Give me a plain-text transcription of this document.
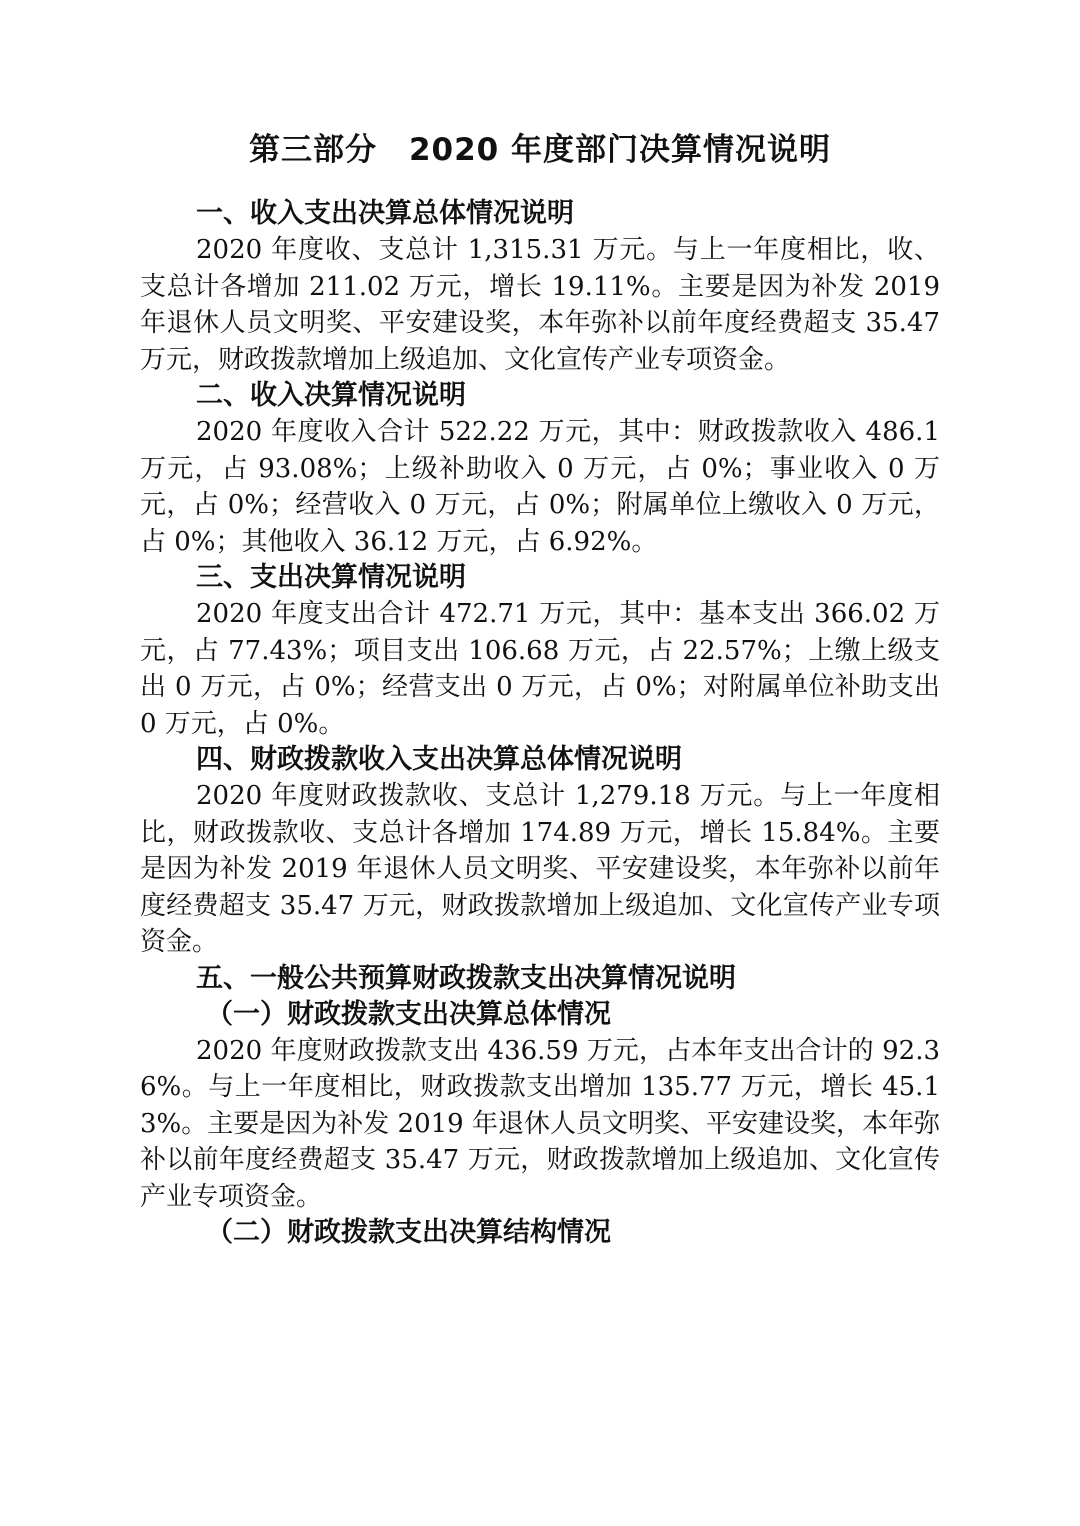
第三部分　2020 年度部门决算情况说明
一、收入支出决算总体情况说明

2020 年度收、支总计 1,315.31 万元。与上一年度相比，收、支总计各增加 211.02 万元，增长 19.11%。主要是因为补发 2019 年退休人员文明奖、平安建设奖，本年弥补以前年度经费超支 35.47 万元，财政拨款增加上级追加、文化宣传产业专项资金。

二、收入决算情况说明

2020 年度收入合计 522.22 万元，其中：财政拨款收入 486.1 万元，占 93.08%；上级补助收入 0 万元，占 0%；事业收入 0 万元，占 0%；经营收入 0 万元，占 0%；附属单位上缴收入 0 万元，占 0%；其他收入 36.12 万元，占 6.92%。

三、支出决算情况说明

2020 年度支出合计 472.71 万元，其中：基本支出 366.02 万元，占 77.43%；项目支出 106.68 万元，占 22.57%；上缴上级支出 0 万元，占 0%；经营支出 0 万元，占 0%；对附属单位补助支出 0 万元，占 0%。

四、财政拨款收入支出决算总体情况说明

2020 年度财政拨款收、支总计 1,279.18 万元。与上一年度相比，财政拨款收、支总计各增加 174.89 万元，增长 15.84%。主要是因为补发 2019 年退休人员文明奖、平安建设奖，本年弥补以前年度经费超支 35.47 万元，财政拨款增加上级追加、文化宣传产业专项资金。

五、一般公共预算财政拨款支出决算情况说明
（一）财政拨款支出决算总体情况

2020 年度财政拨款支出 436.59 万元，占本年支出合计的 92.36%。与上一年度相比，财政拨款支出增加 135.77 万元，增长 45.13%。主要是因为补发 2019 年退休人员文明奖、平安建设奖，本年弥补以前年度经费超支 35.47 万元，财政拨款增加上级追加、文化宣传产业专项资金。

（二）财政拨款支出决算结构情况
